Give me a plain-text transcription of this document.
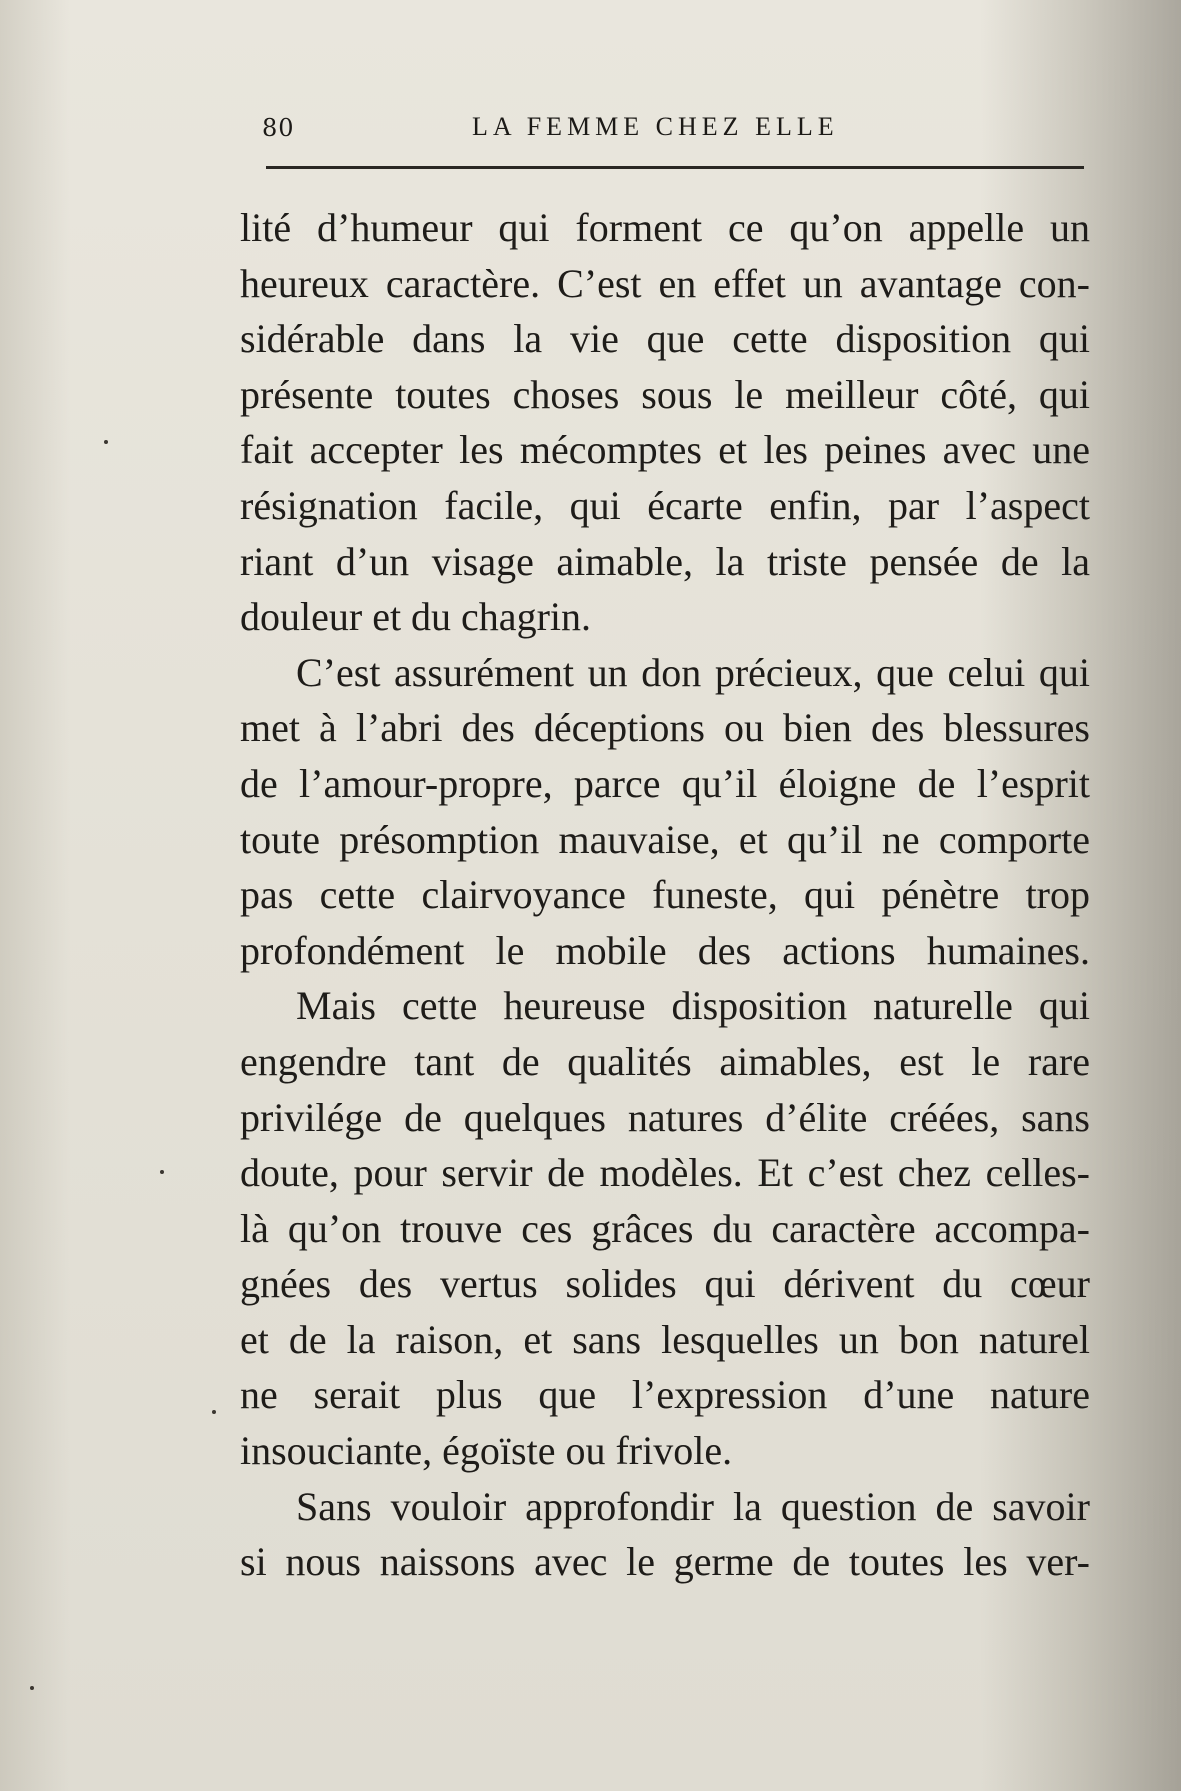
80	LA FEMME CHEZ ELLE
lité d’humeur qui forment ce qu’on appelle un
heureux caractère. C’est en effet un avantage con-
sidérable dans la vie que cette disposition qui
présente toutes choses sous le meilleur côté, qui
fait accepter les mécomptes et les peines avec une
résignation facile, qui écarte enfin, par l’aspect
riant d’un visage aimable, la triste pensée de la
douleur et du chagrin.
C’est assurément un don précieux, que celui qui
met à l’abri des déceptions ou bien des blessures
de l’amour-propre, parce qu’il éloigne de l’esprit
toute présomption mauvaise, et qu’il ne comporte
pas cette clairvoyance funeste, qui pénètre trop
profondément le mobile des actions humaines.
Mais cette heureuse disposition naturelle qui
engendre tant de qualités aimables, est le rare
privilége de quelques natures d’élite créées, sans
doute, pour servir de modèles. Et c’est chez celles-
là qu’on trouve ces grâces du caractère accompa-
gnées des vertus solides qui dérivent du cœur
et de la raison, et sans lesquelles un bon naturel
ne serait plus que l’expression d’une nature
insouciante, égoïste ou frivole.
Sans vouloir approfondir la question de savoir
si nous naissons avec le germe de toutes les ver-
